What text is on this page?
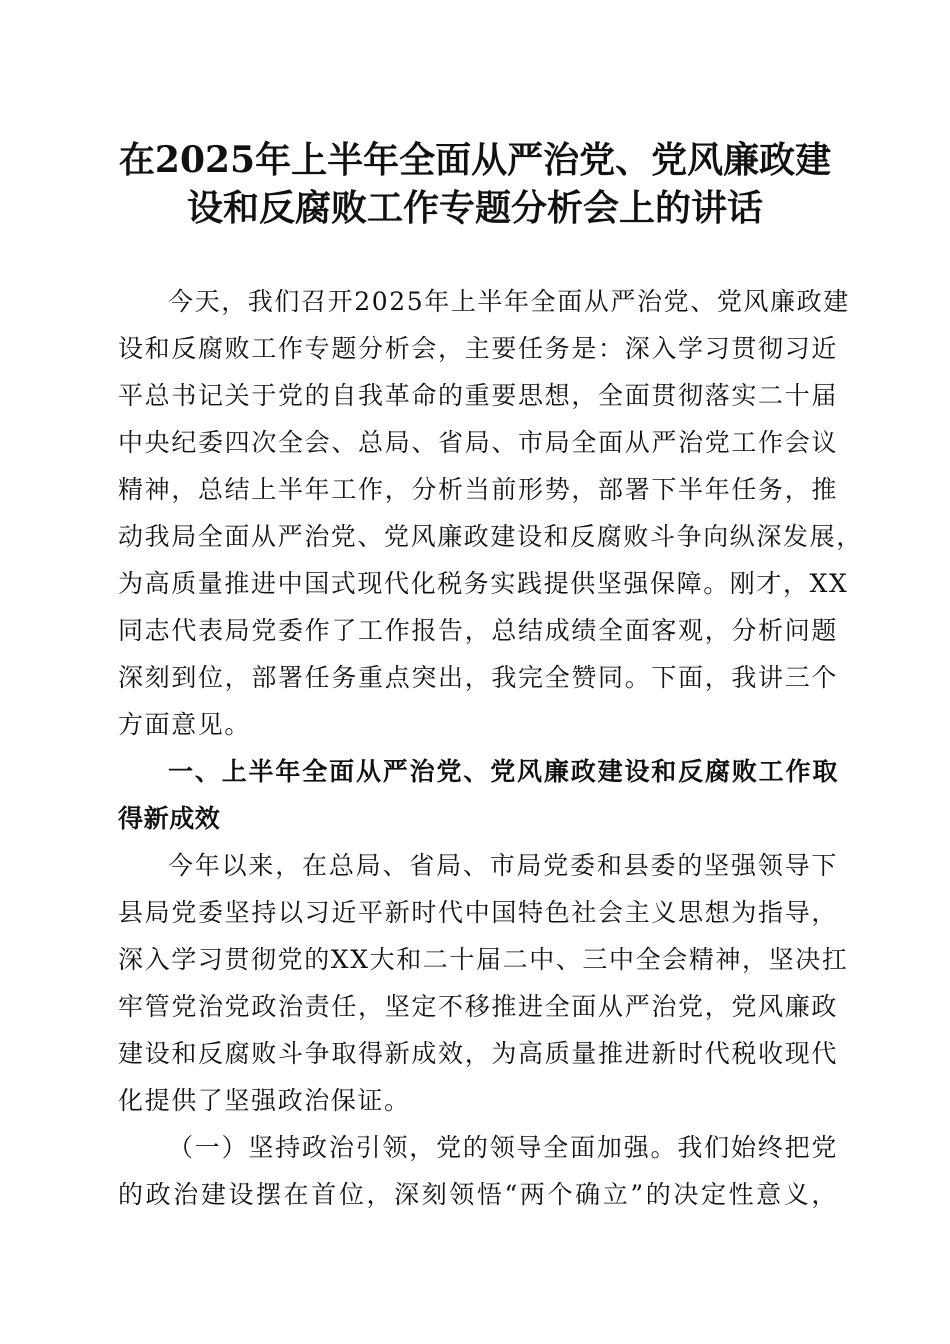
在2025年上半年全面从严治党、党风廉政建
设和反腐败工作专题分析会上的讲话
今天，我们召开2025年上半年全面从严治党、党风廉政建
设和反腐败工作专题分析会，主要任务是：深入学习贯彻习近
平总书记关于党的自我革命的重要思想，全面贯彻落实二十届
中央纪委四次全会、总局、省局、市局全面从严治党工作会议
精神，总结上半年工作，分析当前形势，部署下半年任务，推
动我局全面从严治党、党风廉政建设和反腐败斗争向纵深发展，
为高质量推进中国式现代化税务实践提供坚强保障。刚才，XX
同志代表局党委作了工作报告，总结成绩全面客观，分析问题
深刻到位，部署任务重点突出，我完全赞同。下面，我讲三个
方面意见。
一、上半年全面从严治党、党风廉政建设和反腐败工作取
得新成效
今年以来，在总局、省局、市局党委和县委的坚强领导下
县局党委坚持以习近平新时代中国特色社会主义思想为指导，
深入学习贯彻党的XX大和二十届二中、三中全会精神，坚决扛
牢管党治党政治责任，坚定不移推进全面从严治党，党风廉政
建设和反腐败斗争取得新成效，为高质量推进新时代税收现代
化提供了坚强政治保证。
（一）坚持政治引领，党的领导全面加强。我们始终把党
的政治建设摆在首位，深刻领悟“两个确立”的决定性意义，
